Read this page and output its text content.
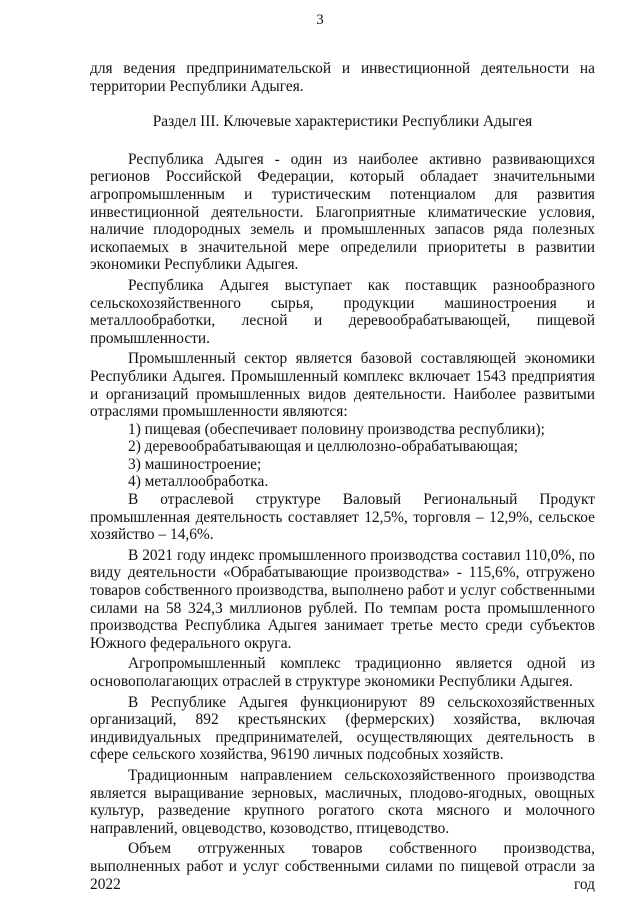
3

для ведения предпринимательской и инвестиционной деятельности на территории Республики Адыгея.

Раздел III. Ключевые характеристики Республики Адыгея

Республика Адыгея - один из наиболее активно развивающихся регионов Российской Федерации, который обладает значительными агропромышленным и туристическим потенциалом для развития инвестиционной деятельности. Благоприятные климатические условия, наличие плодородных земель и промышленных запасов ряда полезных ископаемых в значительной мере определили приоритеты в развитии экономики Республики Адыгея.

Республика Адыгея выступает как поставщик разнообразного сельскохозяйственного сырья, продукции машиностроения и металлообработки, лесной и деревообрабатывающей, пищевой промышленности.

Промышленный сектор является базовой составляющей экономики Республики Адыгея. Промышленный комплекс включает 1543 предприятия и организаций промышленных видов деятельности. Наиболее развитыми отраслями промышленности являются:

1) пищевая (обеспечивает половину производства республики);

2) деревообрабатывающая и целлюлозно-обрабатывающая;

3) машиностроение;

4) металлообработка.

В отраслевой структуре Валовый Региональный Продукт промышленная деятельность составляет 12,5%, торговля – 12,9%, сельское хозяйство – 14,6%.

В 2021 году индекс промышленного производства составил 110,0%, по виду деятельности «Обрабатывающие производства» - 115,6%, отгружено товаров собственного производства, выполнено работ и услуг собственными силами на 58 324,3 миллионов рублей. По темпам роста промышленного производства Республика Адыгея занимает третье место среди субъектов Южного федерального округа.

Агропромышленный комплекс традиционно является одной из основополагающих отраслей в структуре экономики Республики Адыгея.

В Республике Адыгея функционируют 89 сельскохозяйственных организаций, 892 крестьянских (фермерских) хозяйства, включая индивидуальных предпринимателей, осуществляющих деятельность в сфере сельского хозяйства, 96190 личных подсобных хозяйств.

Традиционным направлением сельскохозяйственного производства является выращивание зерновых, масличных, плодово-ягодных, овощных культур, разведение крупного рогатого скота мясного и молочного направлений, овцеводство, козоводство, птицеводство.

Объем отгруженных товаров собственного производства, выполненных работ и услуг собственными силами по пищевой отрасли за 2022 год
